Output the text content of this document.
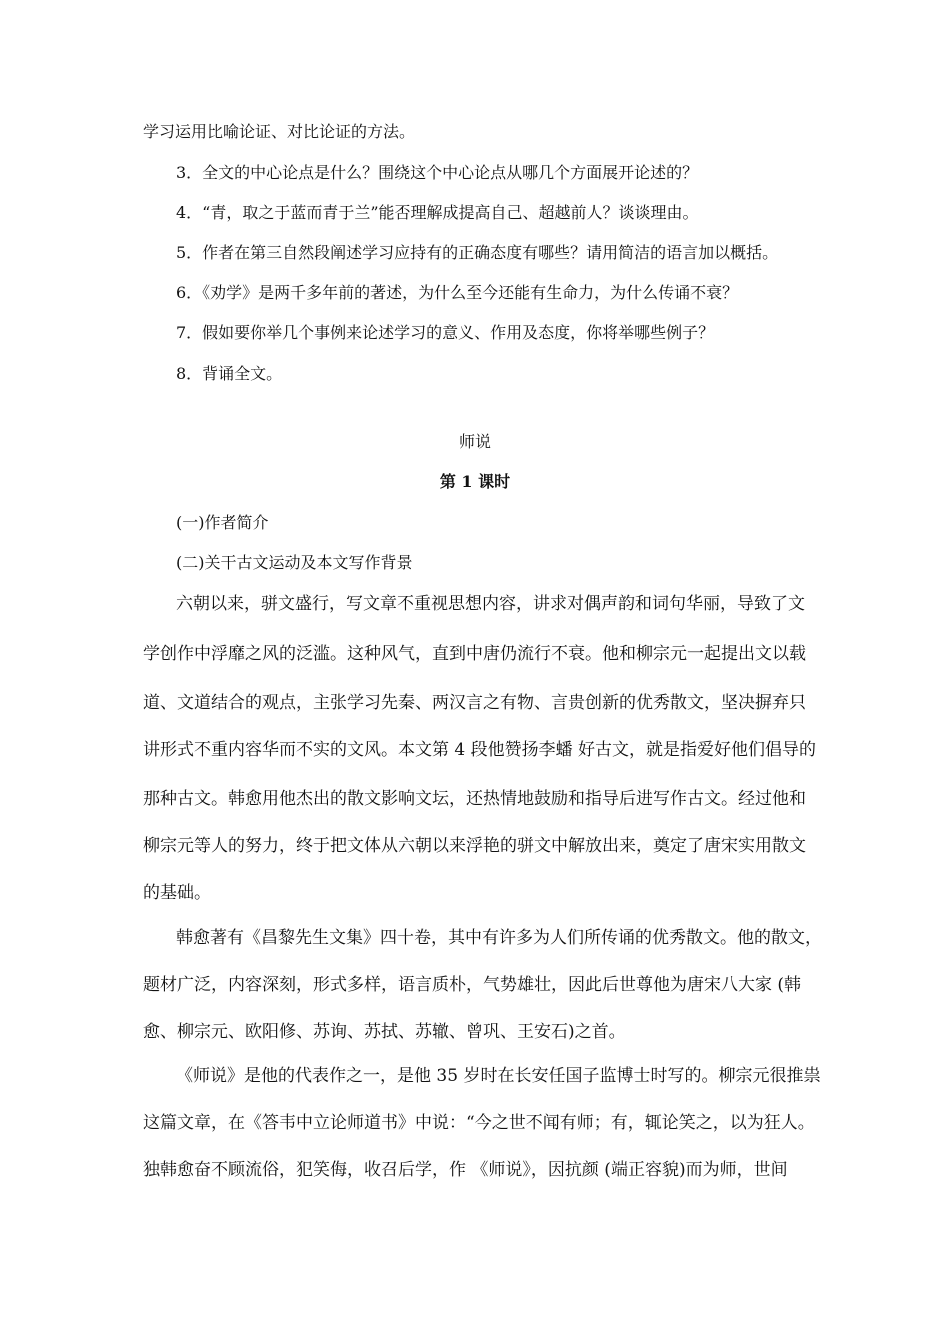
学习运用比喻论证、对比论证的方法。
3．全文的中心论点是什么？围绕这个中心论点从哪几个方面展开论述的？
4．“青，取之于蓝而青于兰”能否理解成提高自己、超越前人？谈谈理由。
5．作者在第三自然段阐述学习应持有的正确态度有哪些？请用简洁的语言加以概括。
6．《劝学》是两千多年前的著述，为什么至今还能有生命力，为什么传诵不衰？
7．假如要你举几个事例来论述学习的意义、作用及态度，你将举哪些例子？
8．背诵全文。
师说
第 1 课时
(一)作者简介
(二)关干古文运动及本文写作背景
六朝以来，骈文盛行，写文章不重视思想内容，讲求对偶声韵和词句华丽，导致了文
学创作中浮靡之风的泛滥。这种风气，直到中唐仍流行不衰。他和柳宗元一起提出文以载
道、文道结合的观点，主张学习先秦、两汉言之有物、言贵创新的优秀散文，坚决摒弃只
讲形式不重内容华而不实的文风。本文第 4 段他赞扬李蟠 好古文，就是指爱好他们倡导的
那种古文。韩愈用他杰出的散文影响文坛，还热情地鼓励和指导后进写作古文。经过他和
柳宗元等人的努力，终于把文体从六朝以来浮艳的骈文中解放出来，奠定了唐宋实用散文
的基础。
韩愈著有《昌黎先生文集》四十卷，其中有许多为人们所传诵的优秀散文。他的散文，
题材广泛，内容深刻，形式多样，语言质朴，气势雄壮，因此后世尊他为唐宋八大家 (韩
愈、柳宗元、欧阳修、苏询、苏拭、苏辙、曾巩、王安石)之首。
《师说》是他的代表作之一，是他 35 岁时在长安任国子监博士时写的。柳宗元很推祟
这篇文章，在《答韦中立论师道书》中说：“今之世不闻有师；有，辄论笑之，以为狂人。
独韩愈奋不顾流俗，犯笑侮，收召后学，作 《师说》，因抗颜 (端正容貌)而为师，世间
